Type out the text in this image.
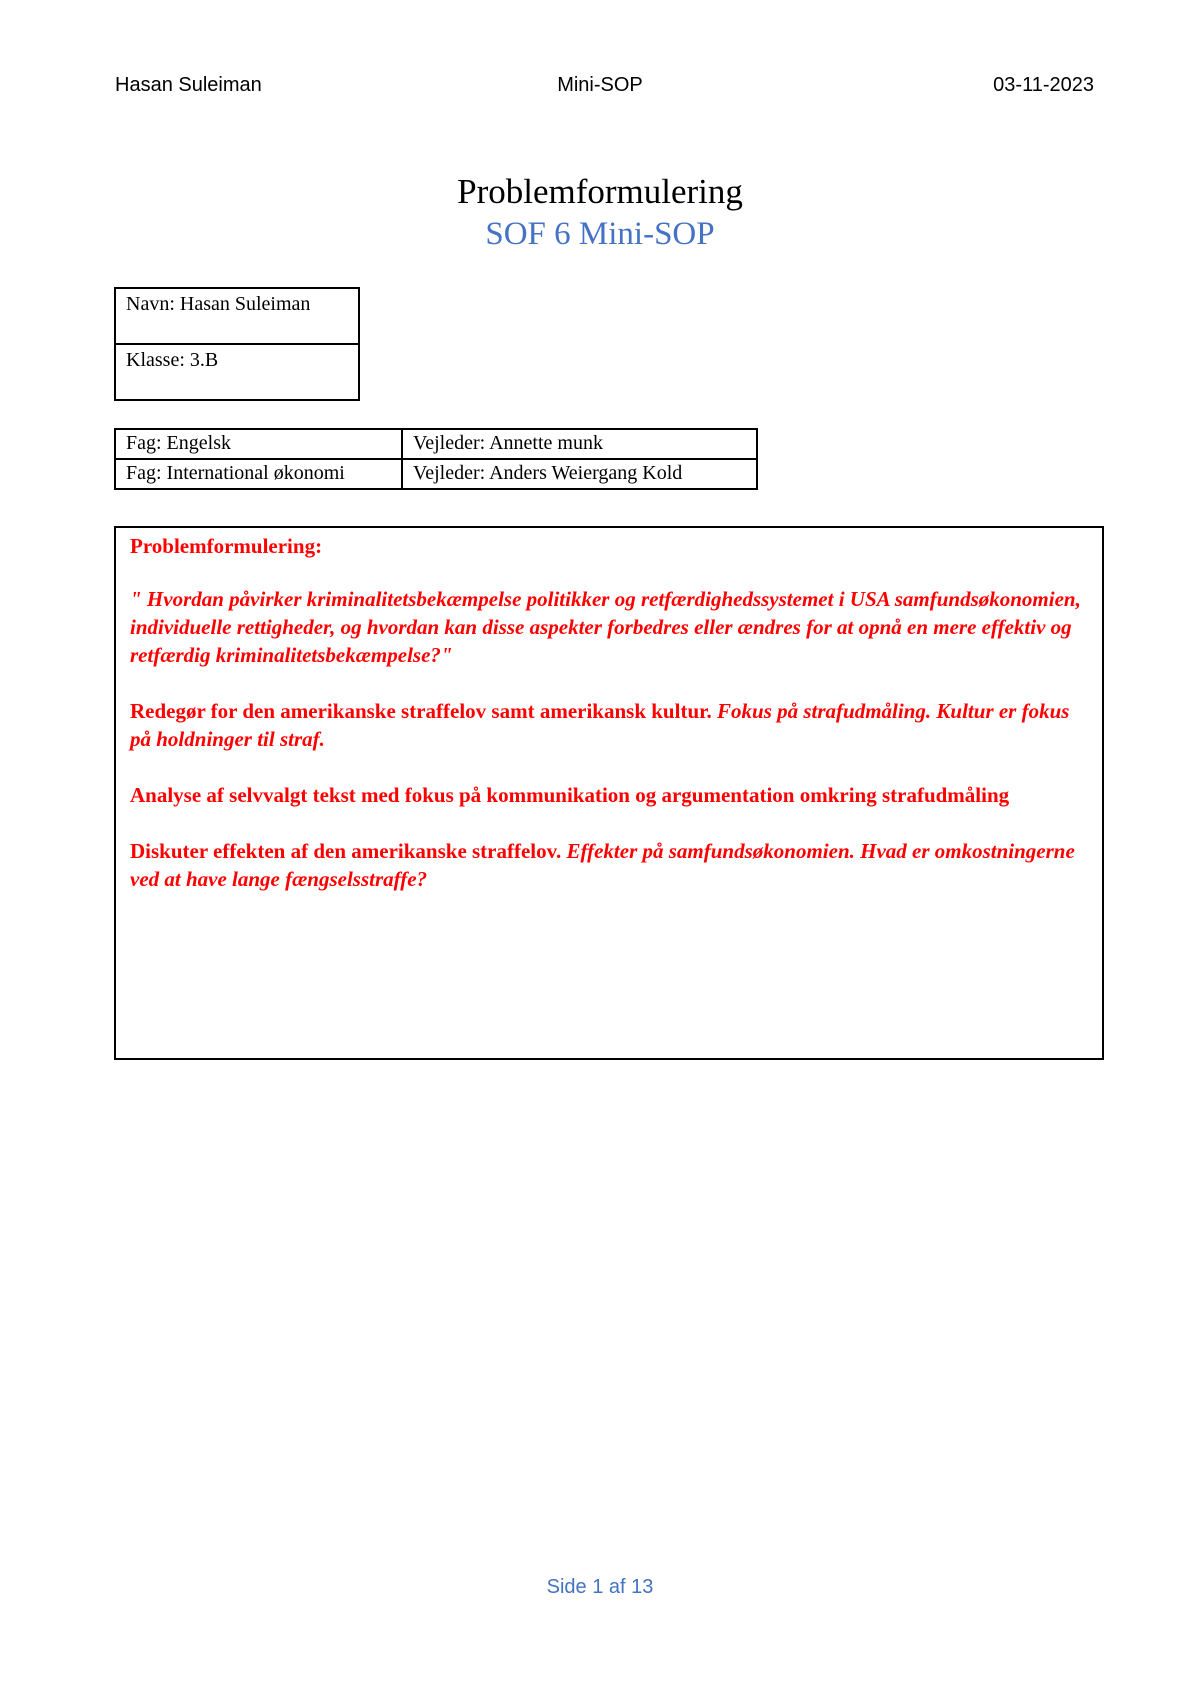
Hasan Suleiman	Mini-SOP	03-11-2023
Problemformulering
SOF 6 Mini-SOP
Navn: Hasan Suleiman
Klasse: 3.B
Fag: Engelsk	Vejleder: Annette munk
Fag: International økonomi	Vejleder: Anders Weiergang Kold

Problemformulering:

" Hvordan påvirker kriminalitetsbekæmpelse politikker og retfærdighedssystemet i USA samfundsøkonomien, individuelle rettigheder, og hvordan kan disse aspekter forbedres eller ændres for at opnå en mere effektiv og retfærdig kriminalitetsbekæmpelse?"

Redegør for den amerikanske straffelov samt amerikansk kultur. Fokus på strafudmåling. Kultur er fokus på holdninger til straf.

Analyse af selvvalgt tekst med fokus på kommunikation og argumentation omkring strafudmåling

Diskuter effekten af den amerikanske straffelov. Effekter på samfundsøkonomien. Hvad er omkostningerne ved at have lange fængselsstraffe?

Side 1 af 13
